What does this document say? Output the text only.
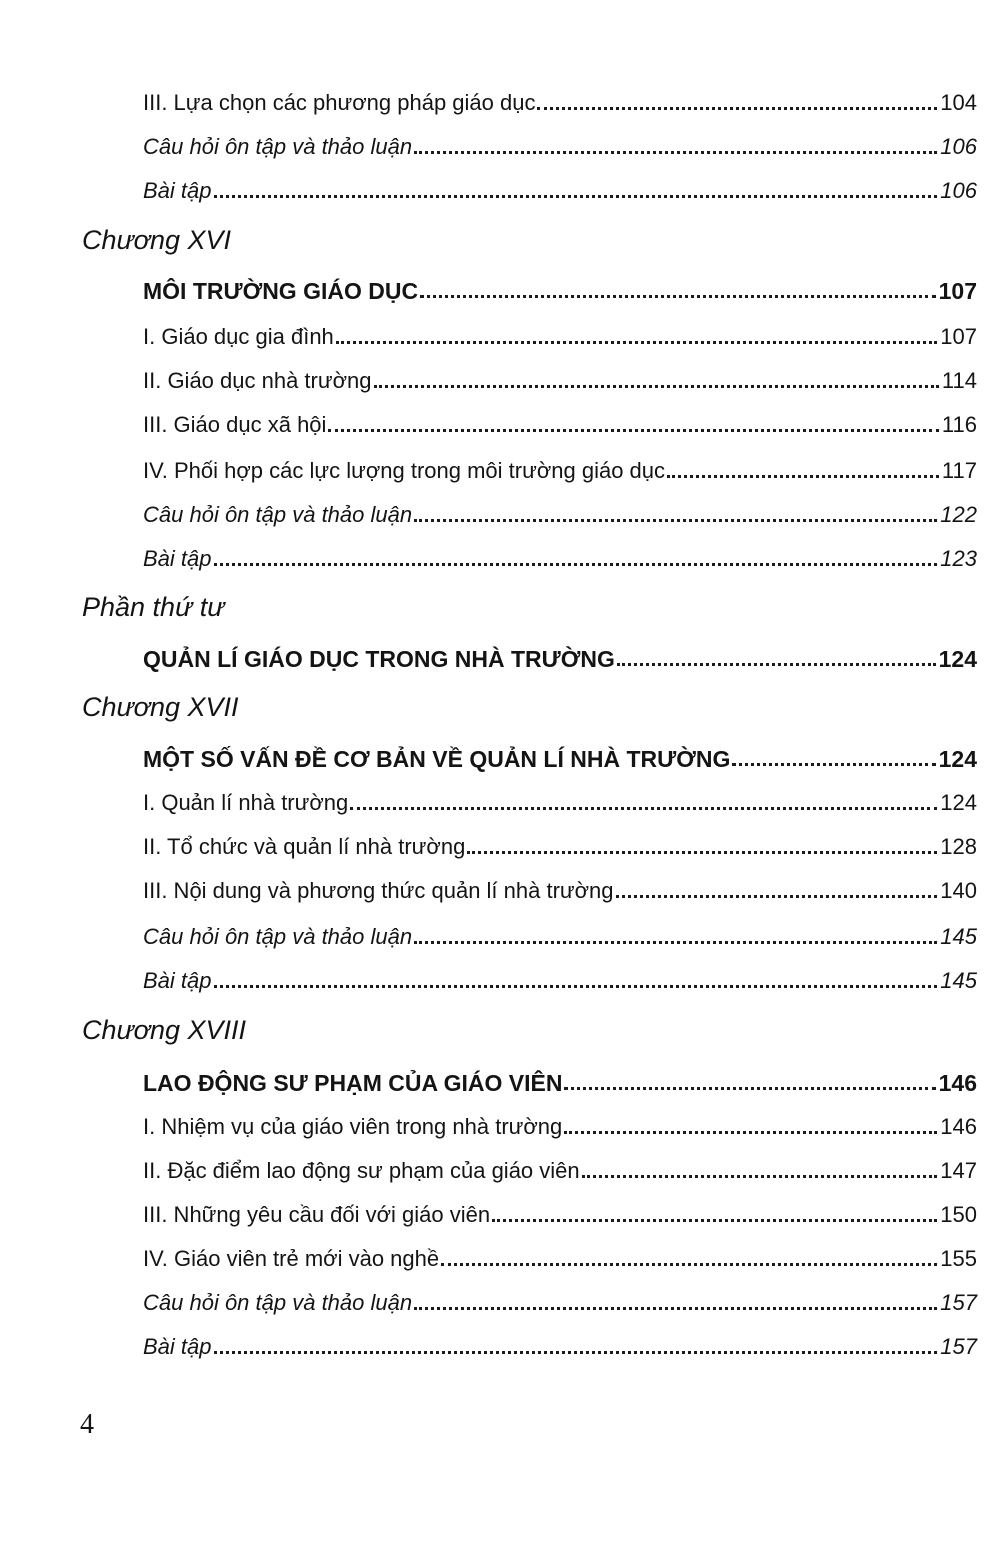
III. Lựa chọn các phương pháp giáo dục	104
Câu hỏi ôn tập và thảo luận	106
Bài tập	106
Chương XVI
MÔI TRƯỜNG GIÁO DỤC	107
I. Giáo dục gia đình	107
II. Giáo dục nhà trường	114
III. Giáo dục xã hội	116
IV. Phối hợp các lực lượng trong môi trường giáo dục	117
Câu hỏi ôn tập và thảo luận	122
Bài tập	123
Phần thứ tư
QUẢN LÍ GIÁO DỤC TRONG NHÀ TRƯỜNG	124
Chương XVII
MỘT SỐ VẤN ĐỀ CƠ BẢN VỀ QUẢN LÍ NHÀ TRƯỜNG	124
I. Quản lí nhà trường	124
II. Tổ chức và quản lí nhà trường	128
III. Nội dung và phương thức quản lí nhà trường	140
Câu hỏi ôn tập và thảo luận	145
Bài tập	145
Chương XVIII
LAO ĐỘNG SƯ PHẠM CỦA GIÁO VIÊN	146
I. Nhiệm vụ của giáo viên trong nhà trường	146
II. Đặc điểm lao động sư phạm của giáo viên	147
III. Những yêu cầu đối với giáo viên	150
IV. Giáo viên trẻ mới vào nghề	155
Câu hỏi ôn tập và thảo luận	157
Bài tập	157
4
